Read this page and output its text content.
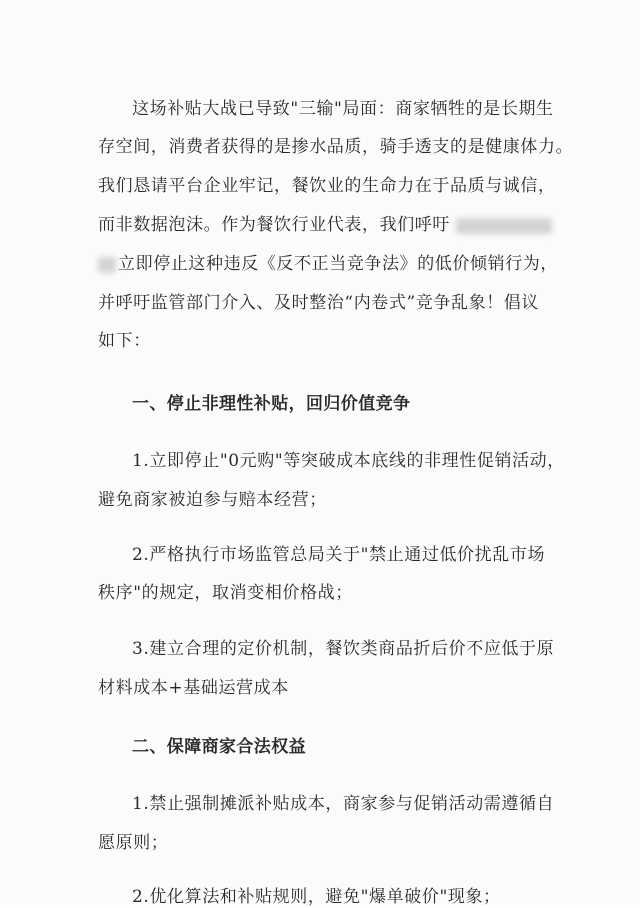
这场补贴大战已导致"三输"局面：商家牺牲的是长期生
存空间，消费者获得的是掺水品质，骑手透支的是健康体力。
我们恳请平台企业牢记，餐饮业的生命力在于品质与诚信，
而非数据泡沫。作为餐饮行业代表，我们呼吁
立即停止这种违反《反不正当竞争法》的低价倾销行为，
并呼吁监管部门介入、及时整治“内卷式”竞争乱象！倡议
如下：
一、停止非理性补贴，回归价值竞争
1.立即停止"0元购"等突破成本底线的非理性促销活动，
避免商家被迫参与赔本经营；
2.严格执行市场监管总局关于"禁止通过低价扰乱市场
秩序"的规定，取消变相价格战；
3.建立合理的定价机制，餐饮类商品折后价不应低于原
材料成本+基础运营成本
二、保障商家合法权益
1.禁止强制摊派补贴成本，商家参与促销活动需遵循自
愿原则；
2.优化算法和补贴规则，避免"爆单破价"现象；
